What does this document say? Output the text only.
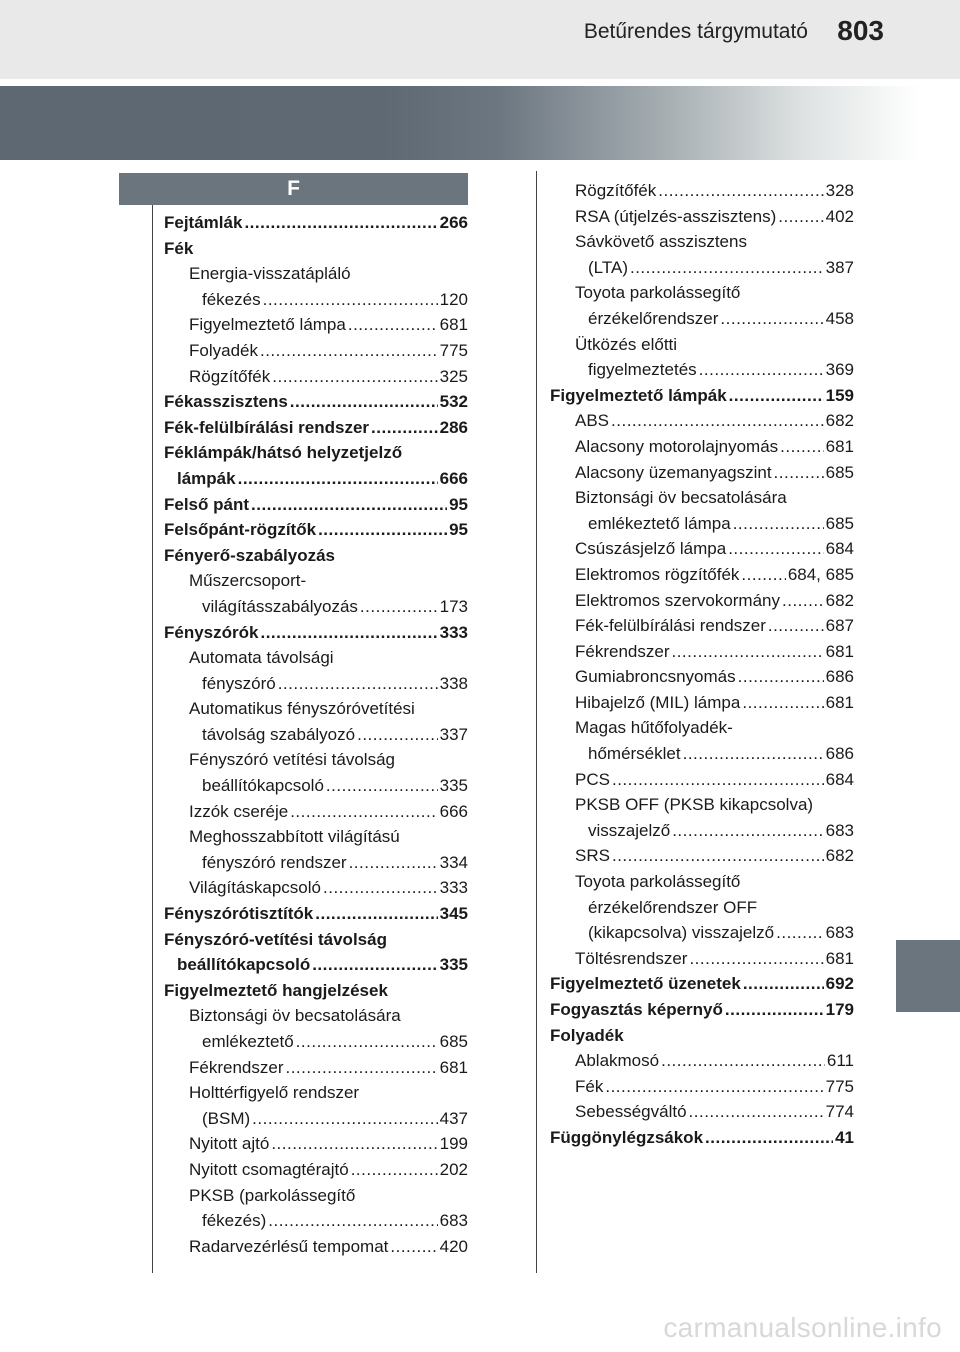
Betűrendes tárgymutató 803
F
Fejtámlák .....	266
Fék
Energia-visszatápláló
fékezés .....	120
Figyelmeztető lámpa .....	681
Folyadék .....	775
Rögzítőfék .....	325
Fékasszisztens .....	532
Fék-felülbírálási rendszer .....	286
Féklámpák/hátsó helyzetjelző
lámpák .....	666
Felső pánt .....	95
Felsőpánt-rögzítők .....	95
Fényerő-szabályozás
Műszercsoport-
világításszabályozás .....	173
Fényszórók .....	333
Automata távolsági
fényszóró .....	338
Automatikus fényszóróvetítési
távolság szabályozó .....	337
Fényszóró vetítési távolság
beállítókapcsoló .....	335
Izzók cseréje .....	666
Meghosszabbított világítású
fényszóró rendszer .....	334
Világításkapcsoló .....	333
Fényszórótisztítók .....	345
Fényszóró-vetítési távolság
beállítókapcsoló .....	335
Figyelmeztető hangjelzések
Biztonsági öv becsatolására
emlékeztető .....	685
Fékrendszer .....	681
Holttérfigyelő rendszer
(BSM) .....	437
Nyitott ajtó .....	199
Nyitott csomagtérajtó .....	202
PKSB (parkolássegítő
fékezés) .....	683
Radarvezérlésű tempomat .....	420
Rögzítőfék .....	328
RSA (útjelzés-asszisztens) .....	402
Sávkövető asszisztens
(LTA) .....	387
Toyota parkolássegítő
érzékelőrendszer .....	458
Ütközés előtti
figyelmeztetés .....	369
Figyelmeztető lámpák .....	159
ABS .....	682
Alacsony motorolajnyomás .....	681
Alacsony üzemanyagszint .....	685
Biztonsági öv becsatolására
emlékeztető lámpa .....	685
Csúszásjelző lámpa .....	684
Elektromos rögzítőfék .....	684, 685
Elektromos szervokormány .....	682
Fék-felülbírálási rendszer .....	687
Fékrendszer .....	681
Gumiabroncsnyomás .....	686
Hibajelző (MIL) lámpa .....	681
Magas hűtőfolyadék-
hőmérséklet .....	686
PCS .....	684
PKSB OFF (PKSB kikapcsolva)
visszajelző .....	683
SRS .....	682
Toyota parkolássegítő
érzékelőrendszer OFF
(kikapcsolva) visszajelző .....	683
Töltésrendszer .....	681
Figyelmeztető üzenetek .....	692
Fogyasztás képernyő .....	179
Folyadék
Ablakmosó .....	611
Fék .....	775
Sebességváltó .....	774
Függönylégzsákok .....	41
carmanualsonline.info
